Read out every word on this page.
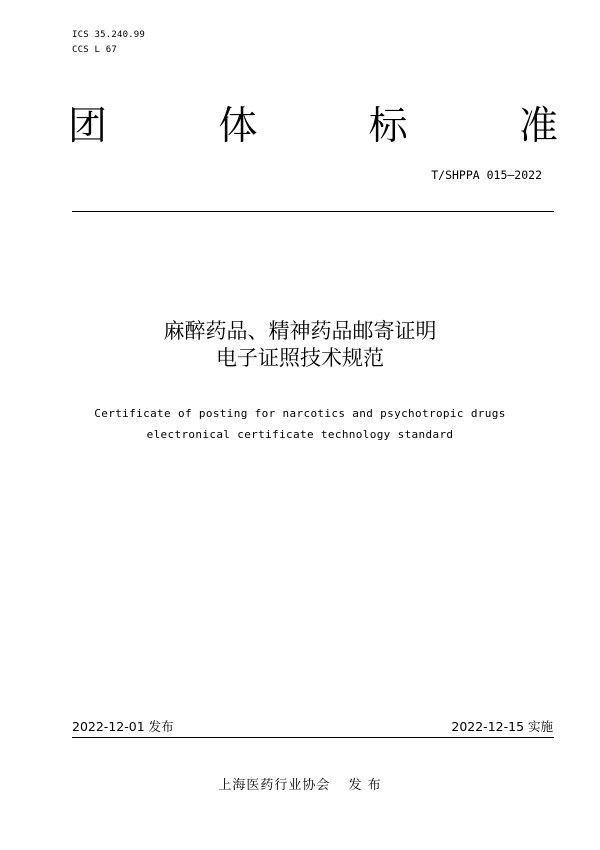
ICS 35.240.99
CCS L 67
团	体	标	准
T/SHPPA 015—2022
麻醉药品、精神药品邮寄证明
电子证照技术规范
Certificate of posting for narcotics and psychotropic drugs
electronical certificate technology standard
2022-12-01 发布	2022-12-15 实施
上海医药行业协会 发 布
